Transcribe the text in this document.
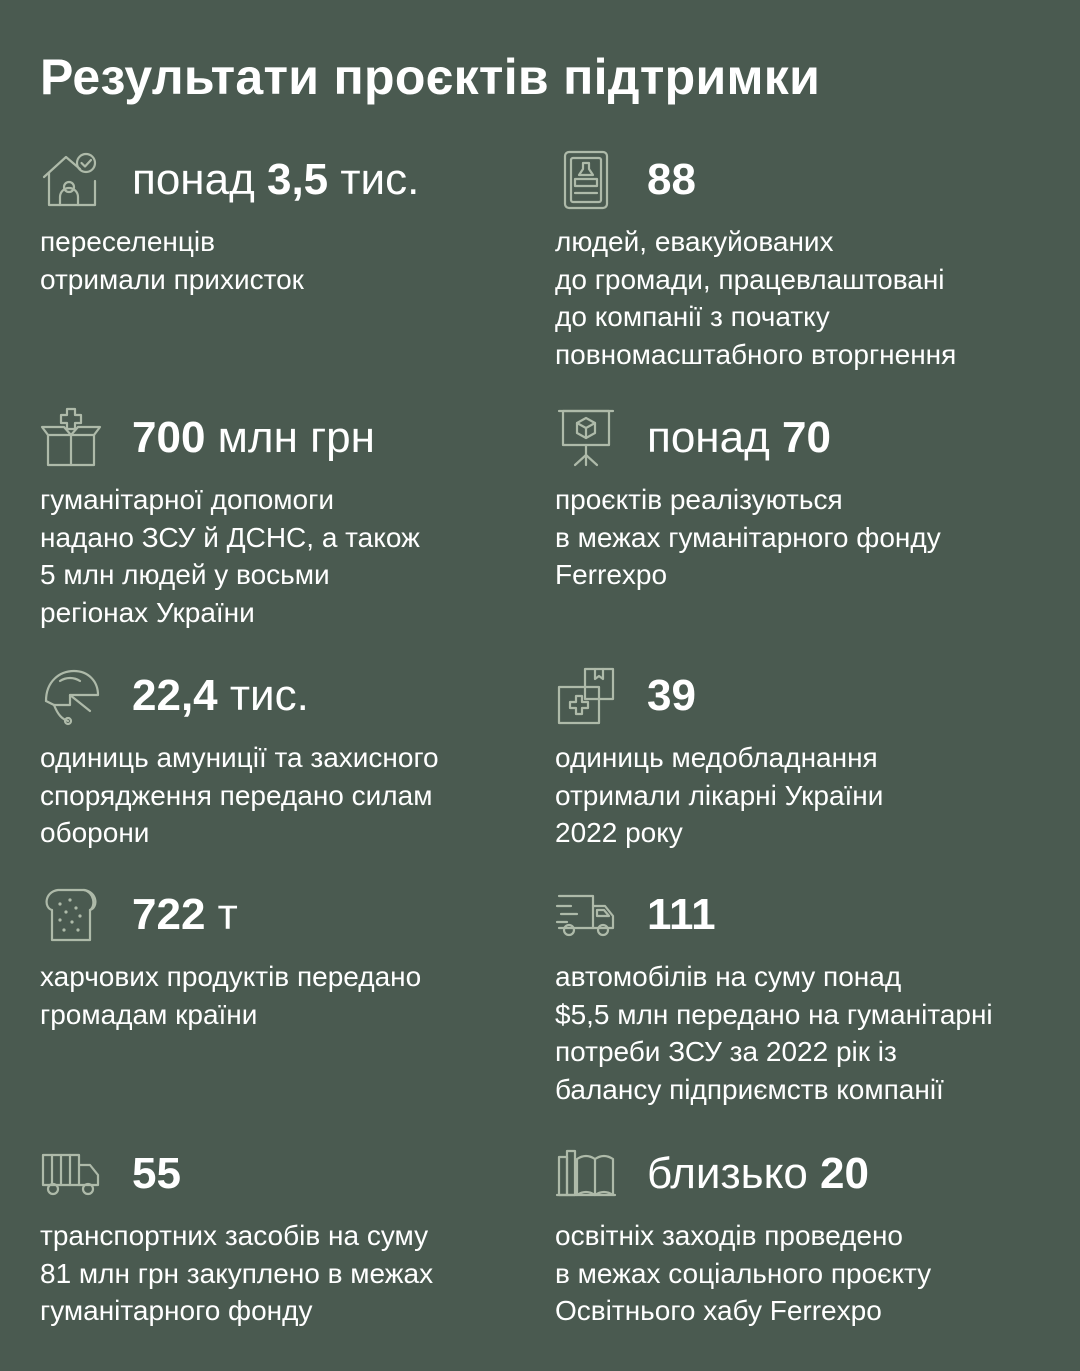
Результати проєктів підтримки
понад 3,5 тис.
переселенців
отримали прихисток
88
людей, евакуйованих
до громади, працевлаштовані
до компанії з початку
повномасштабного вторгнення
700 млн грн
гуманітарної допомоги
надано ЗСУ й ДСНС, а також
5 млн людей у восьми
регіонах України
понад 70
проєктів реалізуються
в межах гуманітарного фонду
Ferrexpo
22,4 тис.
одиниць амуниції та захисного
спорядження передано силам
оборони
39
одиниць медобладнання
отримали лікарні України
2022 року
722 т
харчових продуктів передано
громадам країни
111
автомобілів на суму понад
$5,5 млн передано на гуманітарні
потреби ЗСУ за 2022 рік із
балансу підприємств компанії
55
транспортних засобів на суму
81 млн грн закуплено в межах
гуманітарного фонду
близько 20
освітніх заходів проведено
в межах соціального проєкту
Освітнього хабу Ferrexpo
